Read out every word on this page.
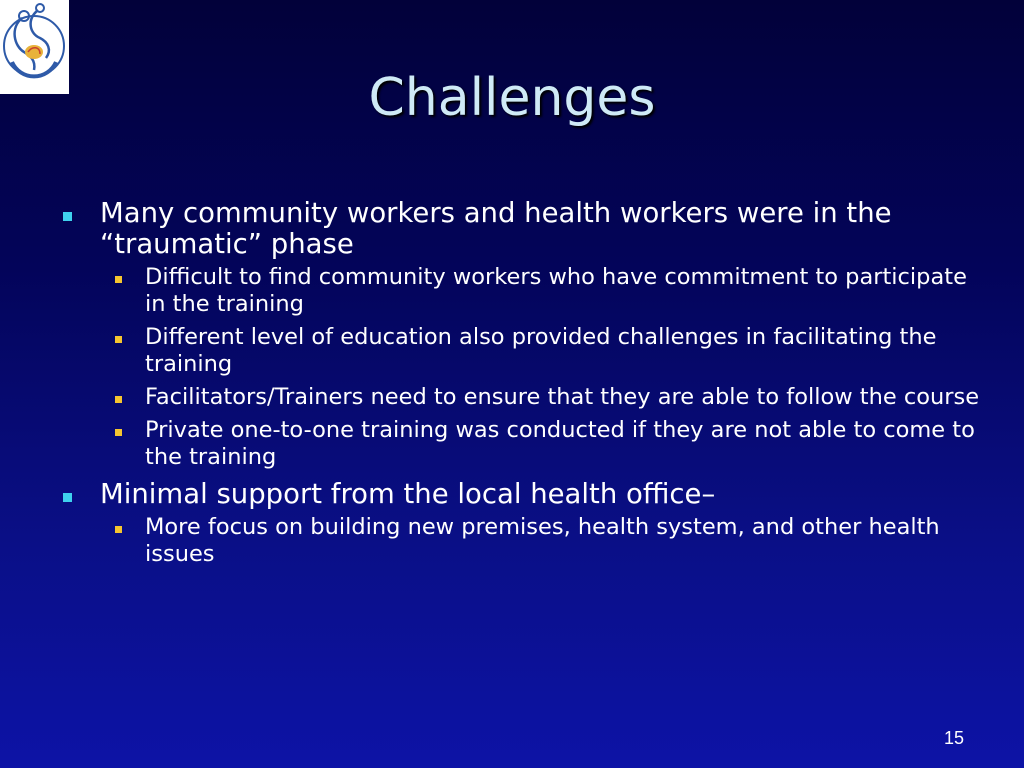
Challenges
Many community workers and health workers were in the “traumatic” phase
Difficult to find community workers who have commitment to participate in the training
Different level of education also provided challenges in facilitating the training
Facilitators/Trainers need to ensure that they are able to follow the course
Private one-to-one training was conducted if they are not able to come to the training
Minimal support from the local health office–
More focus on building new premises, health system, and other health issues
15
